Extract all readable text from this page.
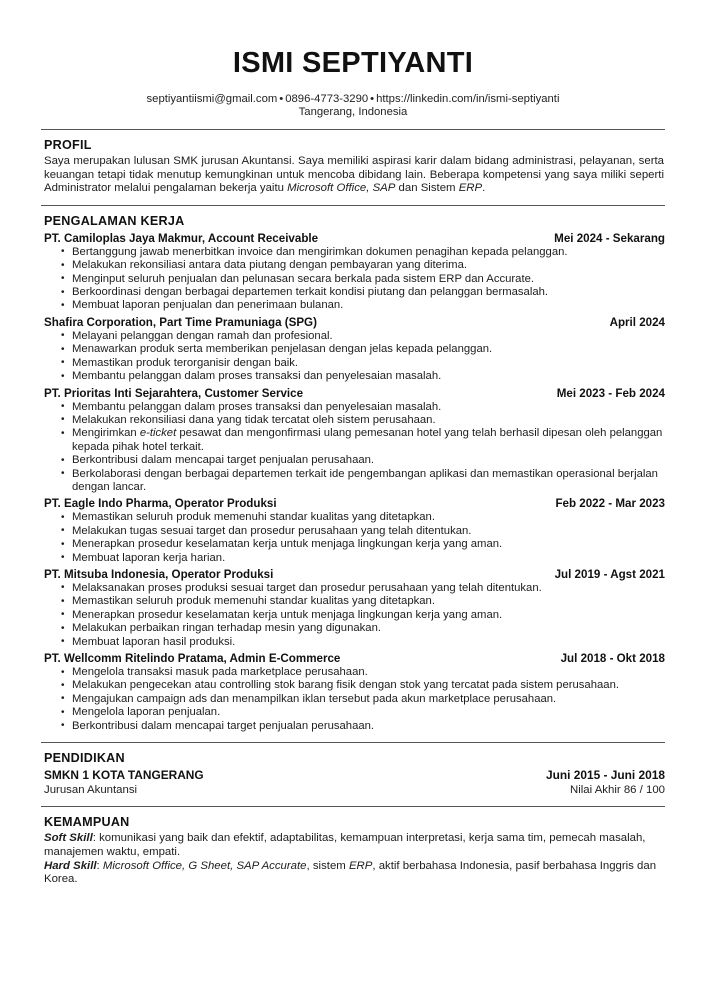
ISMI SEPTIYANTI
septiyantiismi@gmail.com • 0896-4773-3290 • https://linkedin.com/in/ismi-septiyanti
Tangerang, Indonesia
PROFIL

Saya merupakan lulusan SMK jurusan Akuntansi. Saya memiliki aspirasi karir dalam bidang administrasi, pelayanan, serta keuangan tetapi tidak menutup kemungkinan untuk mencoba dibidang lain. Beberapa kompetensi yang saya miliki seperti Administrator melalui pengalaman bekerja yaitu Microsoft Office, SAP dan Sistem ERP.

PENGALAMAN KERJA
PT. Camiloplas Jaya Makmur, Account Receivable	Mei 2024 - Sekarang
• Bertanggung jawab menerbitkan invoice dan mengirimkan dokumen penagihan kepada pelanggan.
• Melakukan rekonsiliasi antara data piutang dengan pembayaran yang diterima.
• Menginput seluruh penjualan dan pelunasan secara berkala pada sistem ERP dan Accurate.
• Berkoordinasi dengan berbagai departemen terkait kondisi piutang dan pelanggan bermasalah.
• Membuat laporan penjualan dan penerimaan bulanan.
Shafira Corporation, Part Time Pramuniaga (SPG)	April 2024
• Melayani pelanggan dengan ramah dan profesional.
• Menawarkan produk serta memberikan penjelasan dengan jelas kepada pelanggan.
• Memastikan produk terorganisir dengan baik.
• Membantu pelanggan dalam proses transaksi dan penyelesaian masalah.
PT. Prioritas Inti Sejarahtera, Customer Service	Mei 2023 - Feb 2024
• Membantu pelanggan dalam proses transaksi dan penyelesaian masalah.
• Melakukan rekonsiliasi dana yang tidak tercatat oleh sistem perusahaan.
• Mengirimkan e-ticket pesawat dan mengonfirmasi ulang pemesanan hotel yang telah berhasil dipesan oleh pelanggan kepada pihak hotel terkait.
• Berkontribusi dalam mencapai target penjualan perusahaan.
• Berkolaborasi dengan berbagai departemen terkait ide pengembangan aplikasi dan memastikan operasional berjalan dengan lancar.
PT. Eagle Indo Pharma, Operator Produksi	Feb 2022 - Mar 2023
• Memastikan seluruh produk memenuhi standar kualitas yang ditetapkan.
• Melakukan tugas sesuai target dan prosedur perusahaan yang telah ditentukan.
• Menerapkan prosedur keselamatan kerja untuk menjaga lingkungan kerja yang aman.
• Membuat laporan kerja harian.
PT. Mitsuba Indonesia, Operator Produksi	Jul 2019 - Agst 2021
• Melaksanakan proses produksi sesuai target dan prosedur perusahaan yang telah ditentukan.
• Memastikan seluruh produk memenuhi standar kualitas yang ditetapkan.
• Menerapkan prosedur keselamatan kerja untuk menjaga lingkungan kerja yang aman.
• Melakukan perbaikan ringan terhadap mesin yang digunakan.
• Membuat laporan hasil produksi.
PT. Wellcomm Ritelindo Pratama, Admin E-Commerce	Jul 2018 - Okt 2018
• Mengelola transaksi masuk pada marketplace perusahaan.
• Melakukan pengecekan atau controlling stok barang fisik dengan stok yang tercatat pada sistem perusahaan.
• Mengajukan campaign ads dan menampilkan iklan tersebut pada akun marketplace perusahaan.
• Mengelola laporan penjualan.
• Berkontribusi dalam mencapai target penjualan perusahaan.
PENDIDIKAN
SMKN 1 KOTA TANGERANG	Juni 2015 - Juni 2018
Jurusan Akuntansi	Nilai Akhir 86 / 100
KEMAMPUAN
Soft Skill: komunikasi yang baik dan efektif, adaptabilitas, kemampuan interpretasi, kerja sama tim, pemecah masalah, manajemen waktu, empati.
Hard Skill: Microsoft Office, G Sheet, SAP Accurate, sistem ERP, aktif berbahasa Indonesia, pasif berbahasa Inggris dan Korea.
